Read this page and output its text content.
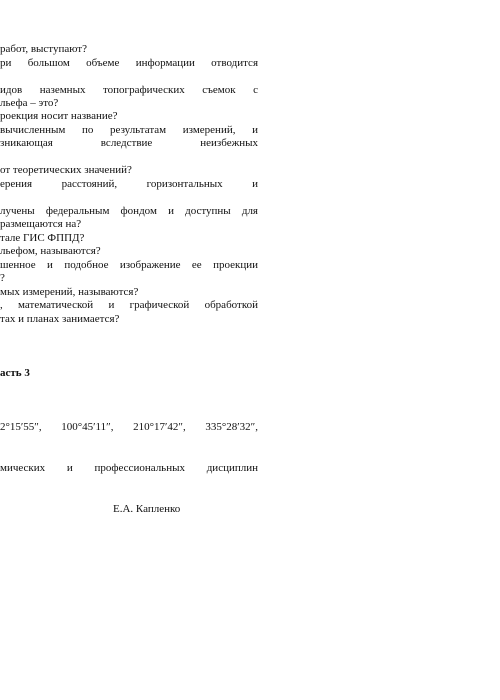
работ, выступают?
ри большом объеме информации отводится
идов наземных топографических съемок с
льефа – это?
роекция носит название?
вычисленным по результатам измерений, и
зникающая вследствие неизбежных
от теоретических значений?
ерения расстояний, горизонтальных и
лучены федеральным фондом и доступны для
размещаются на?
тале ГИС ФППД?
льефом, называются?
шенное и подобное изображение ее проекции
?
мых измерений, называются?
, математической и графической обработкой
тах и планах занимается?
асть 3
2°15′55″, 100°45′11″, 210°17′42″, 335°28′32″,
мических и профессиональных дисциплин
Е.А. Капленко
